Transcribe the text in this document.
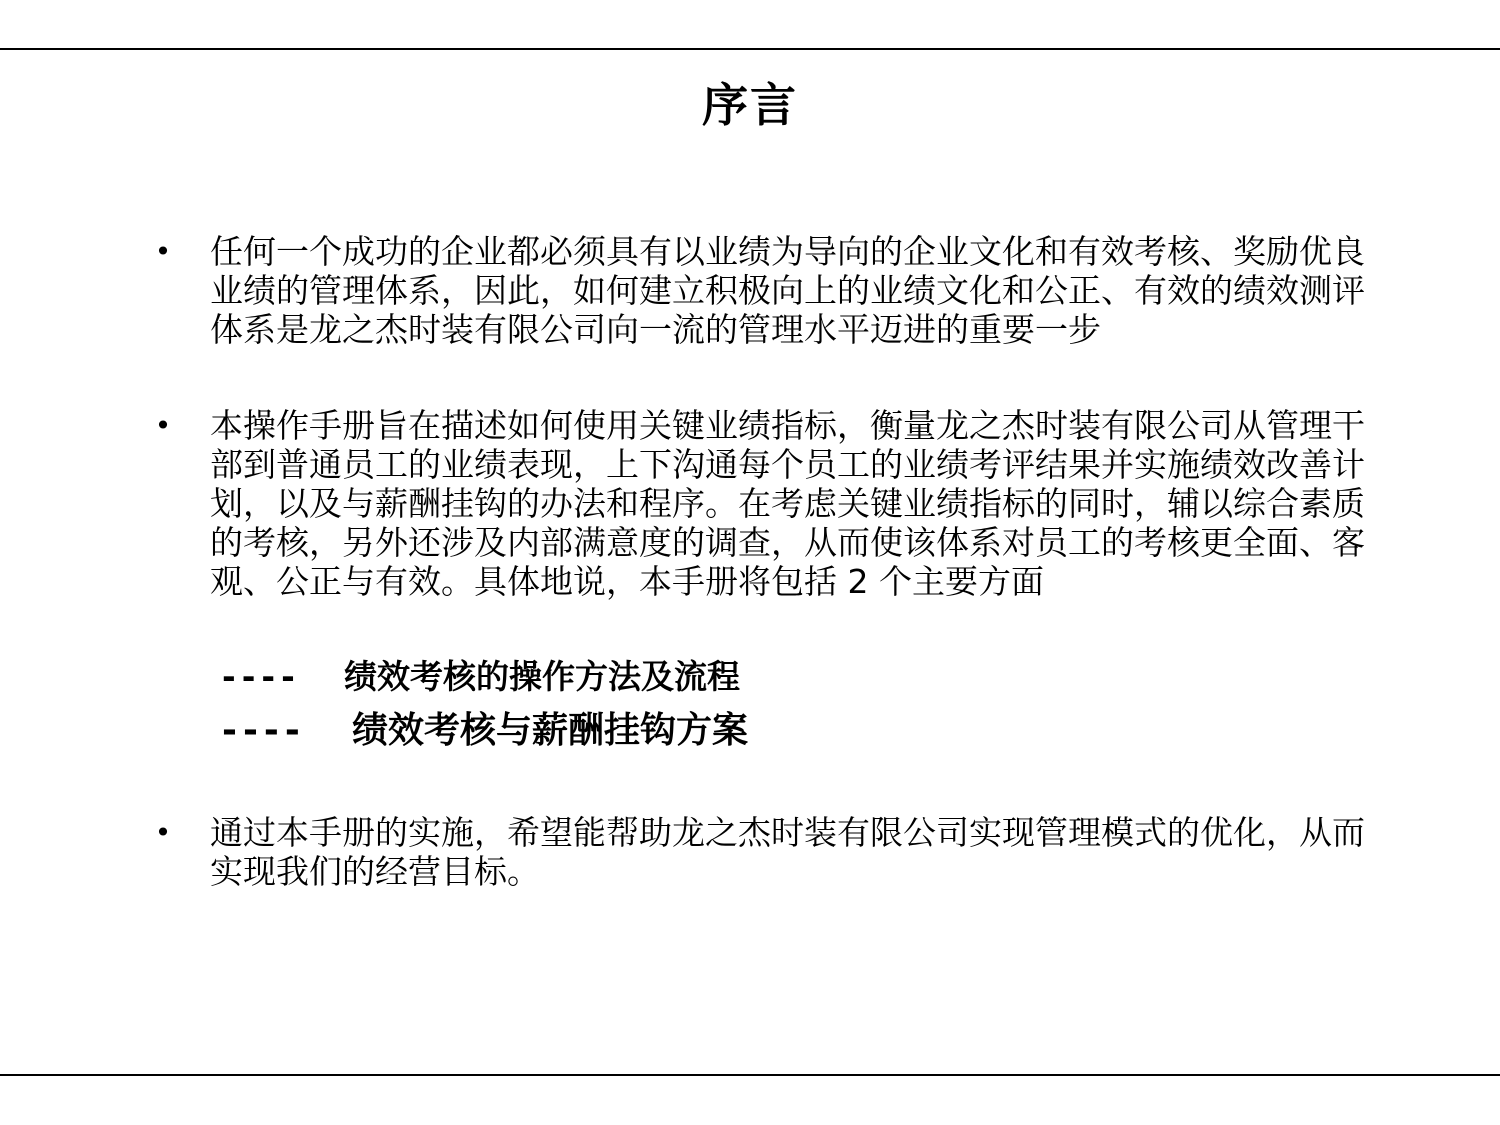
序言
• 任何一个成功的企业都必须具有以业绩为导向的企业文化和有效考核、奖励优良业绩的管理体系，因此，如何建立积极向上的业绩文化和公正、有效的绩效测评体系是龙之杰时装有限公司向一流的管理水平迈进的重要一步
• 本操作手册旨在描述如何使用关键业绩指标，衡量龙之杰时装有限公司从管理干部到普通员工的业绩表现，上下沟通每个员工的业绩考评结果并实施绩效改善计划，以及与薪酬挂钩的办法和程序。在考虑关键业绩指标的同时，辅以综合素质的考核，另外还涉及内部满意度的调查，从而使该体系对员工的考核更全面、客观、公正与有效。具体地说，本手册将包括 2 个主要方面
---- 绩效考核的操作方法及流程
---- 绩效考核与薪酬挂钩方案
• 通过本手册的实施，希望能帮助龙之杰时装有限公司实现管理模式的优化，从而实现我们的经营目标。
